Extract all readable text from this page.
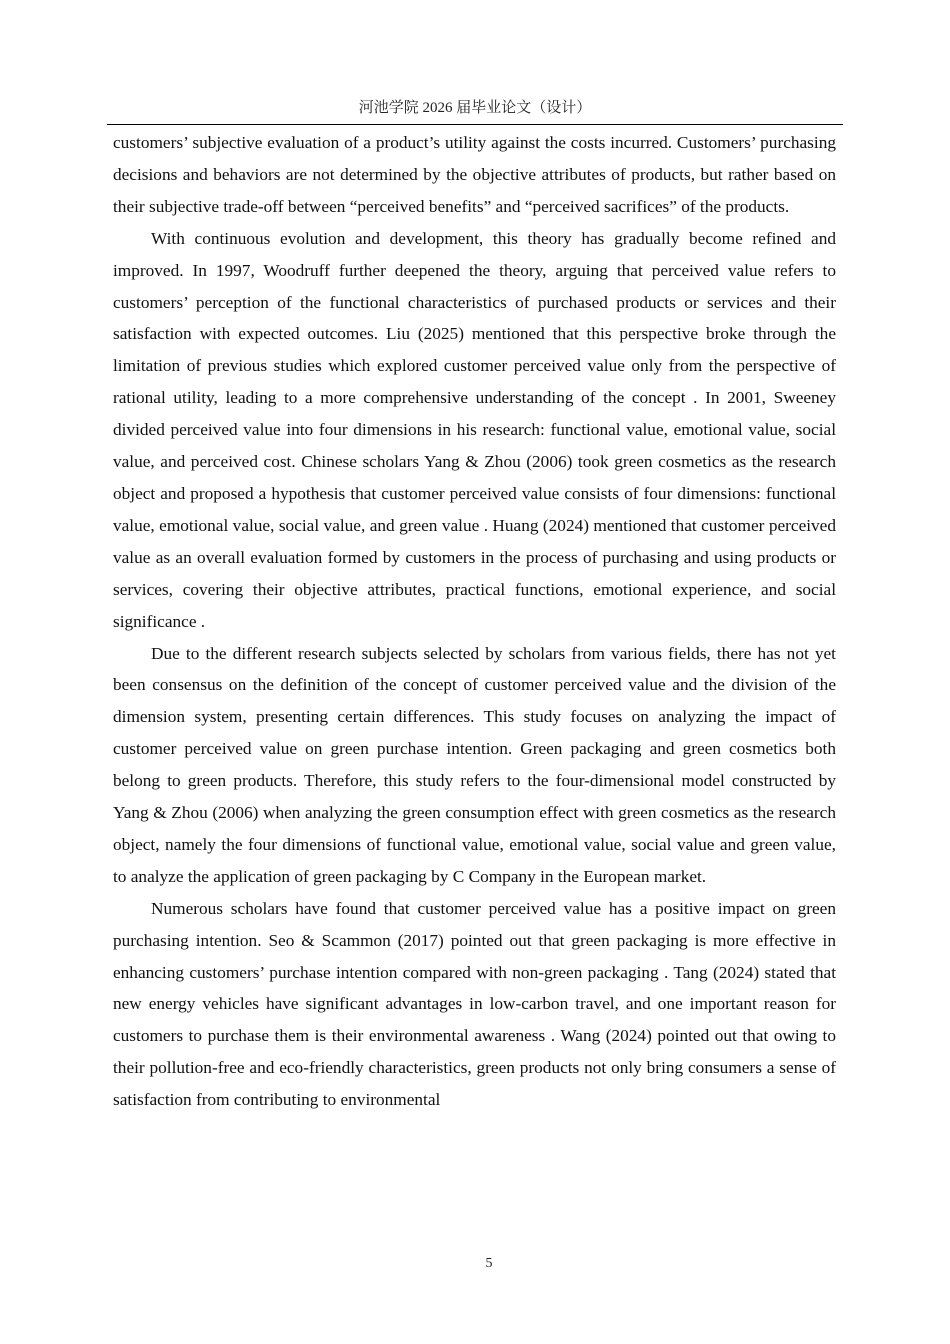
河池学院 2026 届毕业论文（设计）

customers’ subjective evaluation of a product’s utility against the costs incurred. Customers’ purchasing decisions and behaviors are not determined by the objective attributes of products, but rather based on their subjective trade-off between “perceived benefits” and “perceived sacrifices” of the products.

With continuous evolution and development, this theory has gradually become refined and improved. In 1997, Woodruff further deepened the theory, arguing that perceived value refers to customers’ perception of the functional characteristics of purchased products or services and their satisfaction with expected outcomes. Liu (2025) mentioned that this perspective broke through the limitation of previous studies which explored customer perceived value only from the perspective of rational utility, leading to a more comprehensive understanding of the concept . In 2001, Sweeney divided perceived value into four dimensions in his research: functional value, emotional value, social value, and perceived cost. Chinese scholars Yang & Zhou (2006) took green cosmetics as the research object and proposed a hypothesis that customer perceived value consists of four dimensions: functional value, emotional value, social value, and green value . Huang (2024) mentioned that customer perceived value as an overall evaluation formed by customers in the process of purchasing and using products or services, covering their objective attributes, practical functions, emotional experience, and social significance .

Due to the different research subjects selected by scholars from various fields, there has not yet been consensus on the definition of the concept of customer perceived value and the division of the dimension system, presenting certain differences. This study focuses on analyzing the impact of customer perceived value on green purchase intention. Green packaging and green cosmetics both belong to green products. Therefore, this study refers to the four-dimensional model constructed by Yang & Zhou (2006) when analyzing the green consumption effect with green cosmetics as the research object, namely the four dimensions of functional value, emotional value, social value and green value, to analyze the application of green packaging by C Company in the European market.

Numerous scholars have found that customer perceived value has a positive impact on green purchasing intention. Seo & Scammon (2017) pointed out that green packaging is more effective in enhancing customers’ purchase intention compared with non-green packaging . Tang (2024) stated that new energy vehicles have significant advantages in low-carbon travel, and one important reason for customers to purchase them is their environmental awareness . Wang (2024) pointed out that owing to their pollution-free and eco-friendly characteristics, green products not only bring consumers a sense of satisfaction from contributing to environmental

5
